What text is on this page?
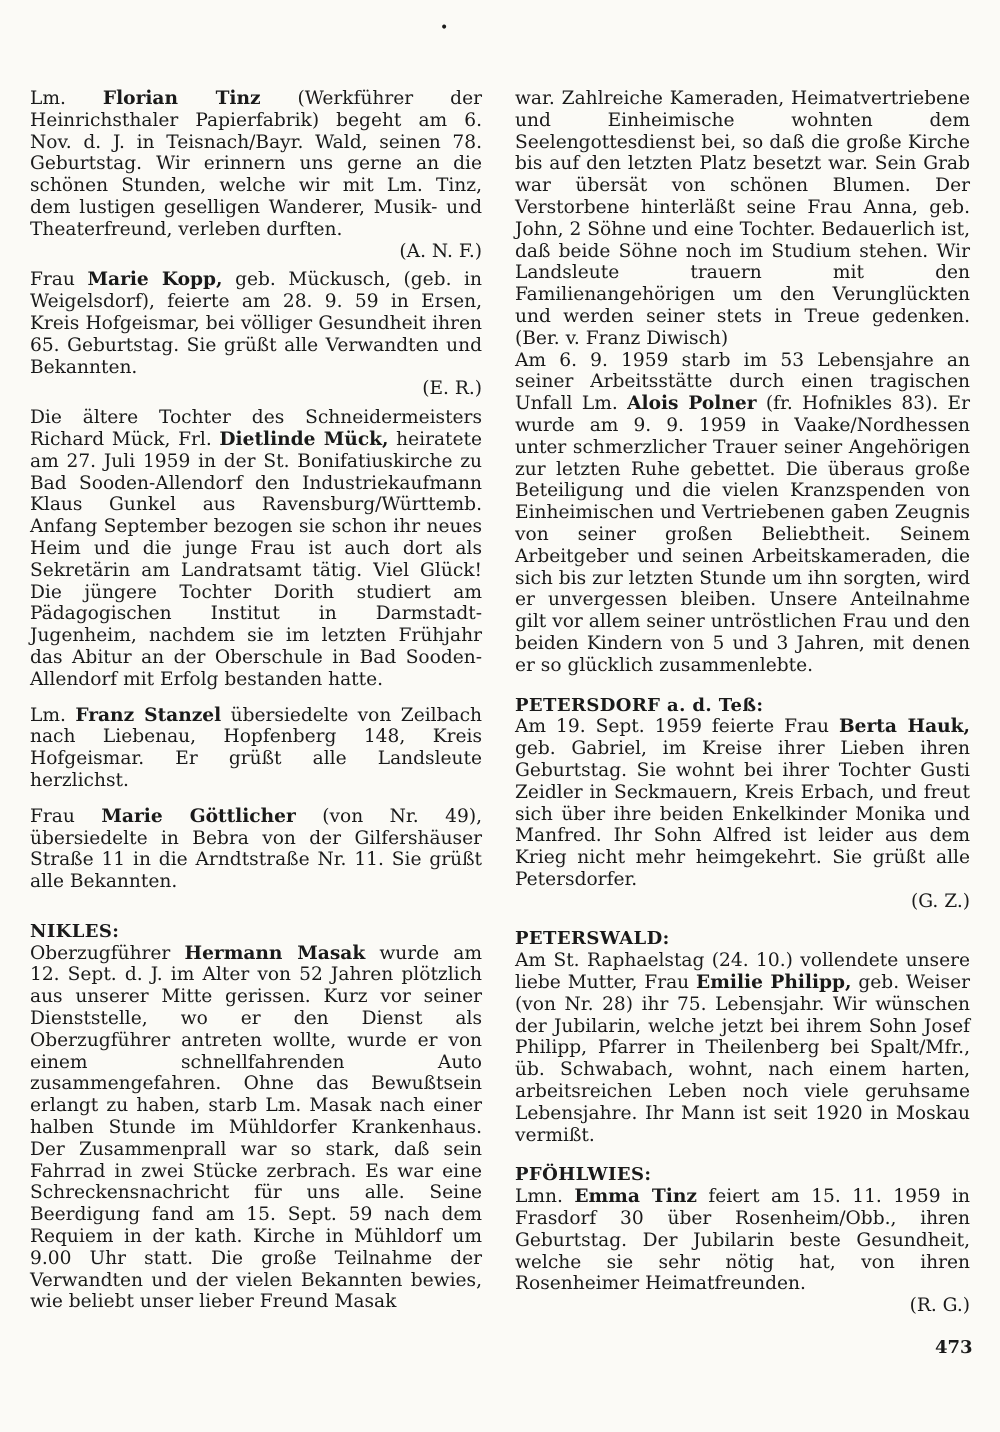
•

Lm. Florian Tinz (Werkführer der Heinrichsthaler Papierfabrik) begeht am 6. Nov. d. J. in Teisnach/Bayr. Wald, seinen 78. Geburtstag. Wir erinnern uns gerne an die schönen Stunden, welche wir mit Lm. Tinz, dem lustigen geselligen Wanderer, Musik- und Theaterfreund, verleben durften.

(A. N. F.)

Frau Marie Kopp, geb. Mückusch, (geb. in Weigelsdorf), feierte am 28. 9. 59 in Ersen, Kreis Hofgeismar, bei völliger Gesundheit ihren 65. Geburtstag. Sie grüßt alle Verwandten und Bekannten.

(E. R.)

Die ältere Tochter des Schneidermeisters Richard Mück, Frl. Dietlinde Mück, heiratete am 27. Juli 1959 in der St. Bonifatiuskirche zu Bad Sooden-Allendorf den Industriekaufmann Klaus Gunkel aus Ravensburg/Württemb. Anfang September bezogen sie schon ihr neues Heim und die junge Frau ist auch dort als Sekretärin am Landratsamt tätig. Viel Glück! Die jüngere Tochter Dorith studiert am Pädagogischen Institut in Darmstadt-Jugenheim, nachdem sie im letzten Frühjahr das Abitur an der Oberschule in Bad Sooden-Allendorf mit Erfolg bestanden hatte.

Lm. Franz Stanzel übersiedelte von Zeilbach nach Liebenau, Hopfenberg 148, Kreis Hofgeismar. Er grüßt alle Landsleute herzlichst.

Frau Marie Göttlicher (von Nr. 49), übersiedelte in Bebra von der Gilfershäuser Straße 11 in die Arndtstraße Nr. 11. Sie grüßt alle Bekannten.

NIKLES:

Oberzugführer Hermann Masak wurde am 12. Sept. d. J. im Alter von 52 Jahren plötzlich aus unserer Mitte gerissen. Kurz vor seiner Dienststelle, wo er den Dienst als Oberzugführer antreten wollte, wurde er von einem schnellfahrenden Auto zusammengefahren. Ohne das Bewußtsein erlangt zu haben, starb Lm. Masak nach einer halben Stunde im Mühldorfer Krankenhaus. Der Zusammenprall war so stark, daß sein Fahrrad in zwei Stücke zerbrach. Es war eine Schreckensnachricht für uns alle. Seine Beerdigung fand am 15. Sept. 59 nach dem Requiem in der kath. Kirche in Mühldorf um 9.00 Uhr statt. Die große Teilnahme der Verwandten und der vielen Bekannten bewies, wie beliebt unser lieber Freund Masak

war. Zahlreiche Kameraden, Heimatvertriebene und Einheimische wohnten dem Seelengottesdienst bei, so daß die große Kirche bis auf den letzten Platz besetzt war. Sein Grab war übersät von schönen Blumen. Der Verstorbene hinterläßt seine Frau Anna, geb. John, 2 Söhne und eine Tochter. Bedauerlich ist, daß beide Söhne noch im Studium stehen. Wir Landsleute trauern mit den Familienangehörigen um den Verunglückten und werden seiner stets in Treue gedenken. (Ber. v. Franz Diwisch)

Am 6. 9. 1959 starb im 53 Lebensjahre an seiner Arbeitsstätte durch einen tragischen Unfall Lm. Alois Polner (fr. Hofnikles 83). Er wurde am 9. 9. 1959 in Vaake/Nordhessen unter schmerzlicher Trauer seiner Angehörigen zur letzten Ruhe gebettet. Die überaus große Beteiligung und die vielen Kranzspenden von Einheimischen und Vertriebenen gaben Zeugnis von seiner großen Beliebtheit. Seinem Arbeitgeber und seinen Arbeitskameraden, die sich bis zur letzten Stunde um ihn sorgten, wird er unvergessen bleiben. Unsere Anteilnahme gilt vor allem seiner untröstlichen Frau und den beiden Kindern von 5 und 3 Jahren, mit denen er so glücklich zusammenlebte.

PETERSDORF a. d. Teß:

Am 19. Sept. 1959 feierte Frau Berta Hauk, geb. Gabriel, im Kreise ihrer Lieben ihren Geburtstag. Sie wohnt bei ihrer Tochter Gusti Zeidler in Seckmauern, Kreis Erbach, und freut sich über ihre beiden Enkelkinder Monika und Manfred. Ihr Sohn Alfred ist leider aus dem Krieg nicht mehr heimgekehrt. Sie grüßt alle Petersdorfer.

(G. Z.)

PETERSWALD:

Am St. Raphaelstag (24. 10.) vollendete unsere liebe Mutter, Frau Emilie Philipp, geb. Weiser (von Nr. 28) ihr 75. Lebensjahr. Wir wünschen der Jubilarin, welche jetzt bei ihrem Sohn Josef Philipp, Pfarrer in Theilenberg bei Spalt/Mfr., üb. Schwabach, wohnt, nach einem harten, arbeitsreichen Leben noch viele geruhsame Lebensjahre. Ihr Mann ist seit 1920 in Moskau vermißt.

PFÖHLWIES:

Lmn. Emma Tinz feiert am 15. 11. 1959 in Frasdorf 30 über Rosenheim/Obb., ihren Geburtstag. Der Jubilarin beste Gesundheit, welche sie sehr nötig hat, von ihren Rosenheimer Heimatfreunden.

(R. G.)

473
